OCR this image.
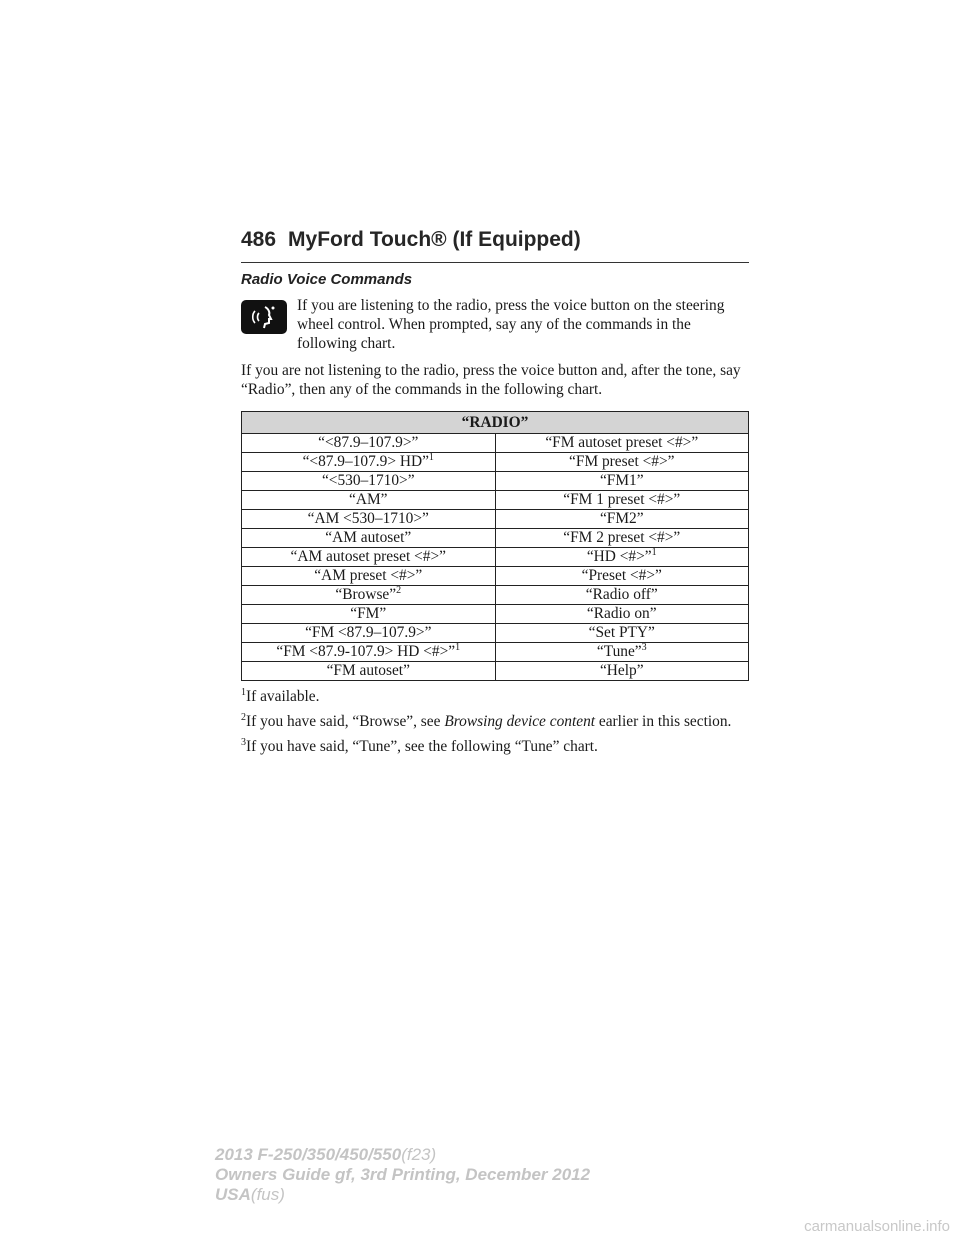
486 MyFord Touch® (If Equipped)
Radio Voice Commands

If you are listening to the radio, press the voice button on the steering wheel control. When prompted, say any of the commands in the following chart.

If you are not listening to the radio, press the voice button and, after the tone, say “Radio”, then any of the commands in the following chart.

“RADIO”	
“<87.9–107.9>”	“FM autoset preset <#>”
“<87.9–107.9> HD”$^1$	“FM preset <#>”
“<530–1710>”	“FM1”
“AM”	“FM 1 preset <#>”
“AM <530–1710>”	“FM2”
“AM autoset”	“FM 2 preset <#>”
“AM autoset preset <#>”	“HD <#>”$^1$
“AM preset <#>”	“Preset <#>”
“Browse”$^2$	“Radio off”
“FM”	“Radio on”
“FM <87.9–107.9>”	“Set PTY”
“FM <87.9-107.9> HD <#>”$^1$	“Tune”$^3$
“FM autoset”	“Help”

$^1$If available.

$^2$If you have said, “Browse”, see Browsing device content earlier in this section.

$^3$If you have said, “Tune”, see the following “Tune” chart.

2013 F-250/350/450/550(f23)
Owners Guide gf, 3rd Printing, December 2012
USA(fus)
carmanualsonline.info
